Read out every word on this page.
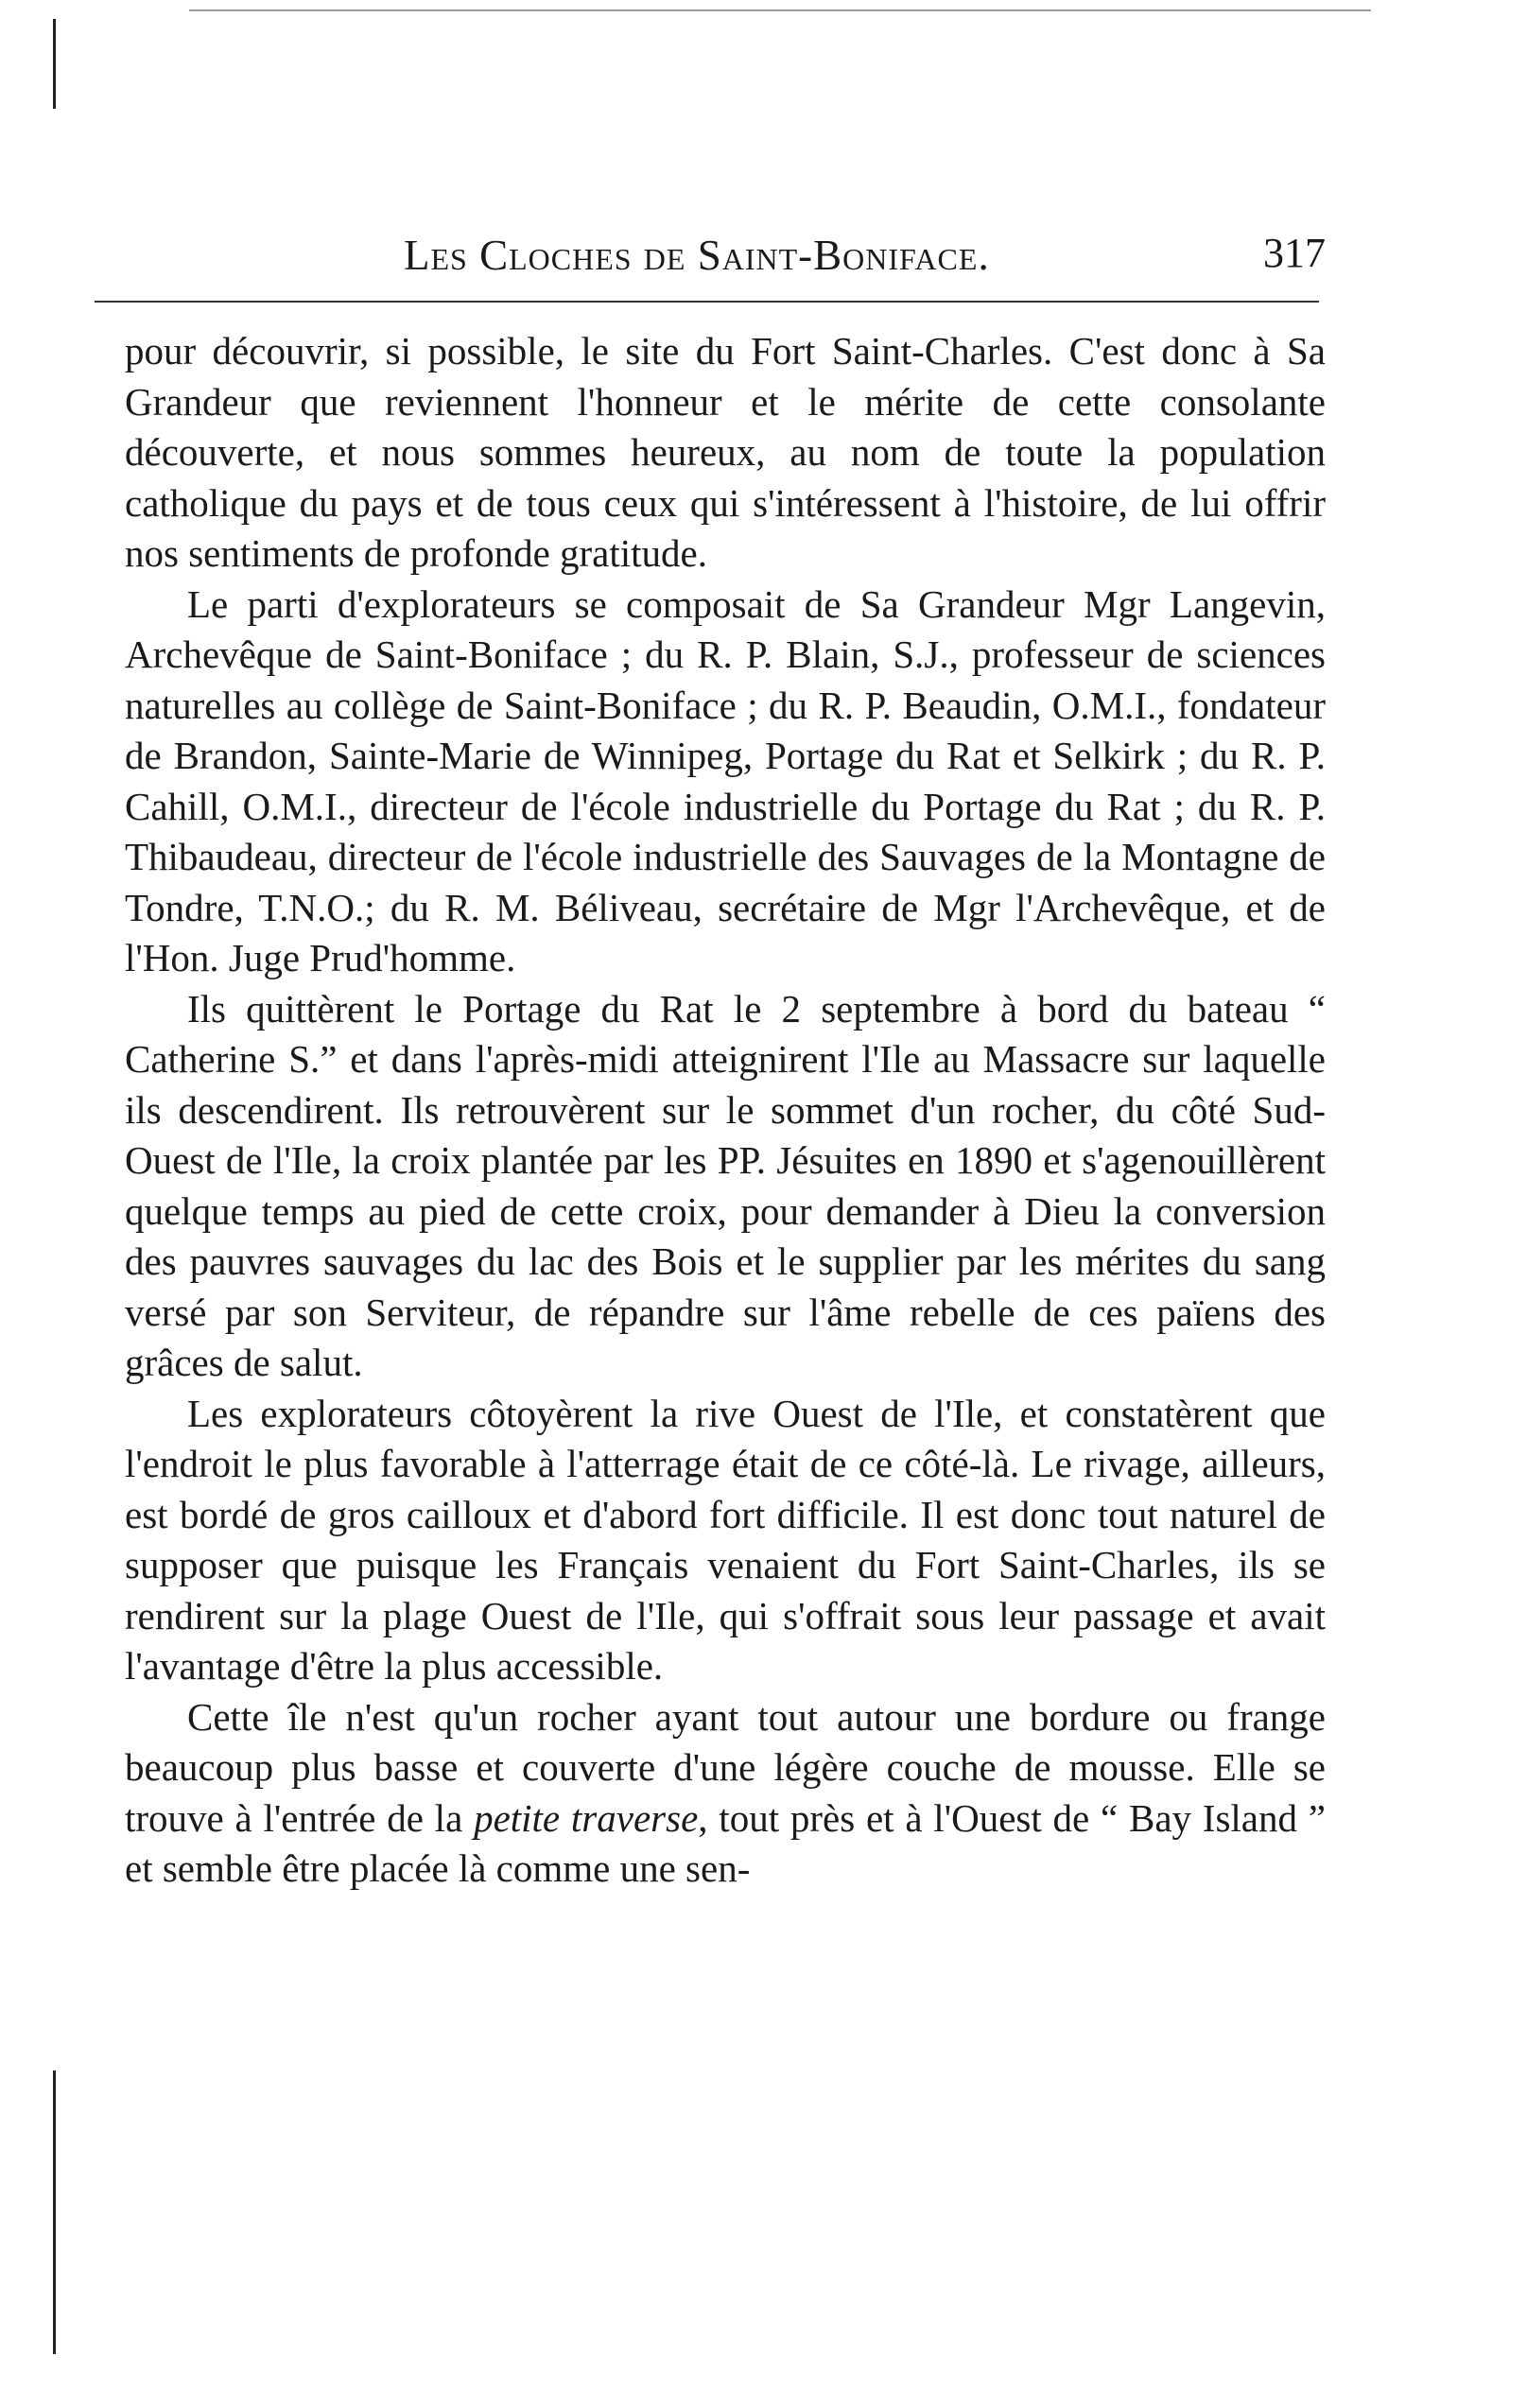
Les Cloches de Saint-Boniface.	317

pour découvrir, si possible, le site du Fort Saint-Charles. C'est donc à Sa Grandeur que reviennent l'honneur et le mérite de cette consolante découverte, et nous sommes heureux, au nom de toute la population catholique du pays et de tous ceux qui s'intéressent à l'histoire, de lui offrir nos sentiments de profonde gratitude.

Le parti d'explorateurs se composait de Sa Grandeur Mgr Langevin, Archevêque de Saint-Boniface ; du R. P. Blain, S.J., professeur de sciences naturelles au collège de Saint-Boniface ; du R. P. Beaudin, O.M.I., fondateur de Brandon, Sainte-Marie de Winnipeg, Portage du Rat et Selkirk ; du R. P. Cahill, O.M.I., directeur de l'école industrielle du Portage du Rat ; du R. P. Thibaudeau, directeur de l'école industrielle des Sauvages de la Montagne de Tondre, T.N.O.; du R. M. Béliveau, secrétaire de Mgr l'Archevêque, et de l'Hon. Juge Prud'homme.

Ils quittèrent le Portage du Rat le 2 septembre à bord du bateau “ Catherine S.” et dans l'après-midi atteignirent l'Ile au Massacre sur laquelle ils descendirent. Ils retrouvèrent sur le sommet d'un rocher, du côté Sud-Ouest de l'Ile, la croix plantée par les PP. Jésuites en 1890 et s'agenouillèrent quelque temps au pied de cette croix, pour demander à Dieu la conversion des pauvres sauvages du lac des Bois et le supplier par les mérites du sang versé par son Serviteur, de répandre sur l'âme rebelle de ces païens des grâces de salut.

Les explorateurs côtoyèrent la rive Ouest de l'Ile, et constatèrent que l'endroit le plus favorable à l'atterrage était de ce côté-là. Le rivage, ailleurs, est bordé de gros cailloux et d'abord fort difficile. Il est donc tout naturel de supposer que puisque les Français venaient du Fort Saint-Charles, ils se rendirent sur la plage Ouest de l'Ile, qui s'offrait sous leur passage et avait l'avantage d'être la plus accessible.

Cette île n'est qu'un rocher ayant tout autour une bordure ou frange beaucoup plus basse et couverte d'une légère couche de mousse. Elle se trouve à l'entrée de la petite traverse, tout près et à l'Ouest de “ Bay Island ” et semble être placée là comme une sen-
